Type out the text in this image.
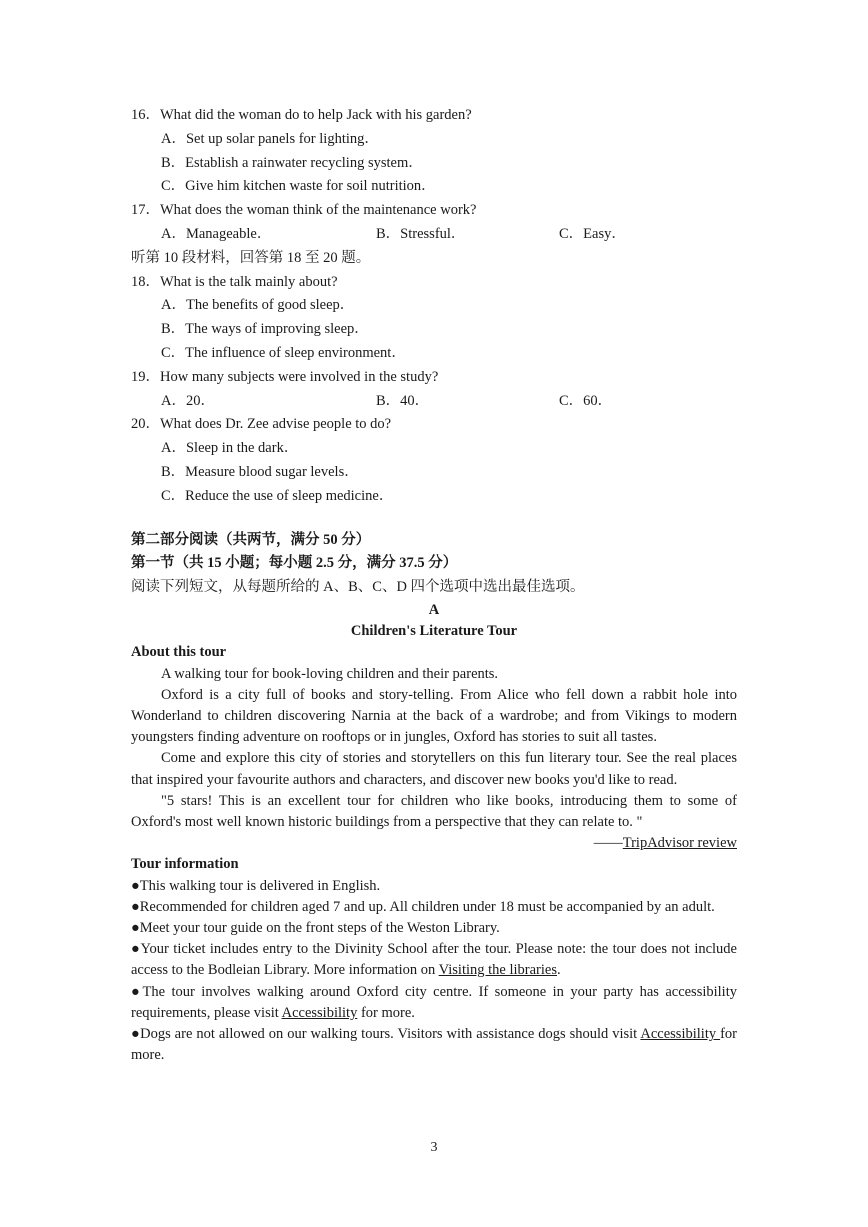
16．What did the woman do to help Jack with his garden?
A．Set up solar panels for lighting．
B．Establish a rainwater recycling system．
C．Give him kitchen waste for soil nutrition．
17．What does the woman think of the maintenance work?
A．Manageable．	B．Stressful．	C．Easy．
听第 10 段材料，回答第 18 至 20 题。
18．What is the talk mainly about?
A．The benefits of good sleep．
B．The ways of improving sleep．
C．The influence of sleep environment．
19．How many subjects were involved in the study?
A．20．	B．40．	C．60．
20．What does Dr. Zee advise people to do?
A．Sleep in the dark．
B．Measure blood sugar levels．
C．Reduce the use of sleep medicine．
第二部分阅读（共两节，满分 50 分）
第一节（共 15 小题；每小题 2.5 分，满分 37.5 分）
阅读下列短文，从每题所给的 A、B、C、D 四个选项中选出最佳选项。
A
Children's Literature Tour
About this tour
A walking tour for book-loving children and their parents.
Oxford is a city full of books and story-telling. From Alice who fell down a rabbit hole into Wonderland to children discovering Narnia at the back of a wardrobe; and from Vikings to modern youngsters finding adventure on rooftops or in jungles, Oxford has stories to suit all tastes.
Come and explore this city of stories and storytellers on this fun literary tour. See the real places that inspired your favourite authors and characters, and discover new books you'd like to read.
"5 stars! This is an excellent tour for children who like books, introducing them to some of Oxford's most well known historic buildings from a perspective that they can relate to. "
——TripAdvisor review
Tour information
●This walking tour is delivered in English.
●Recommended for children aged 7 and up. All children under 18 must be accompanied by an adult.
●Meet your tour guide on the front steps of the Weston Library.
●Your ticket includes entry to the Divinity School after the tour. Please note: the tour does not include access to the Bodleian Library. More information on Visiting the libraries.
●The tour involves walking around Oxford city centre. If someone in your party has accessibility requirements, please visit Accessibility for more.
●Dogs are not allowed on our walking tours. Visitors with assistance dogs should visit Accessibility for more.
3
